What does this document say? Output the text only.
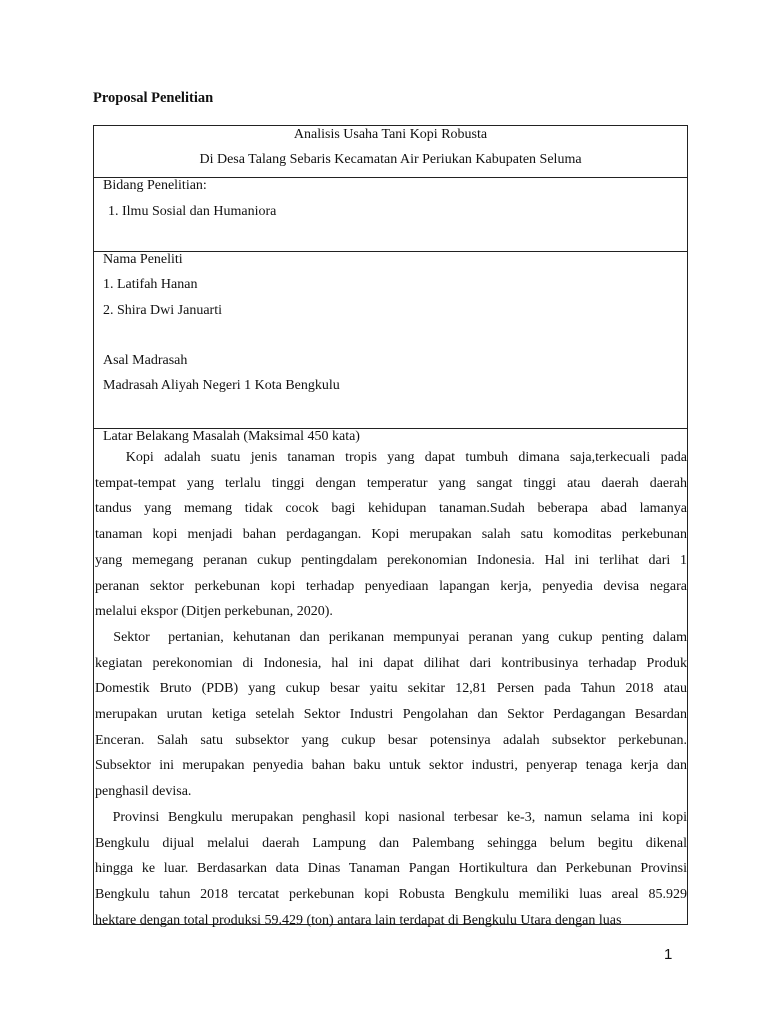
Proposal Penelitian
Analisis Usaha Tani Kopi Robusta
Di Desa Talang Sebaris Kecamatan Air Periukan Kabupaten Seluma
Bidang Penelitian:
1. Ilmu Sosial dan Humaniora
Nama Peneliti
1. Latifah Hanan
2. Shira Dwi Januarti
Asal Madrasah
Madrasah Aliyah Negeri 1 Kota Bengkulu
Latar Belakang Masalah (Maksimal 450 kata)
Kopi adalah suatu jenis tanaman tropis yang dapat tumbuh dimana saja,terkecuali pada
tempat-tempat yang terlalu tinggi dengan temperatur yang sangat tinggi atau daerah daerah
tandus yang memang tidak cocok bagi kehidupan tanaman.Sudah beberapa abad lamanya
tanaman kopi menjadi bahan perdagangan. Kopi merupakan salah satu komoditas perkebunan
yang memegang peranan cukup pentingdalam perekonomian Indonesia. Hal ini terlihat dari 1
peranan sektor perkebunan kopi terhadap penyediaan lapangan kerja, penyedia devisa negara
melalui ekspor (Ditjen perkebunan, 2020).
Sektor  pertanian, kehutanan dan perikanan mempunyai peranan yang cukup penting dalam
kegiatan perekonomian di Indonesia, hal ini dapat dilihat dari kontribusinya terhadap Produk
Domestik Bruto (PDB) yang cukup besar yaitu sekitar 12,81 Persen pada Tahun 2018 atau
merupakan urutan ketiga setelah Sektor Industri Pengolahan dan Sektor Perdagangan Besardan
Enceran. Salah satu subsektor yang cukup besar potensinya adalah subsektor perkebunan.
Subsektor ini merupakan penyedia bahan baku untuk sektor industri, penyerap tenaga kerja dan
penghasil devisa.
Provinsi Bengkulu merupakan penghasil kopi nasional terbesar ke-3, namun selama ini kopi
Bengkulu dijual melalui daerah Lampung dan Palembang sehingga belum begitu dikenal
hingga ke luar. Berdasarkan data Dinas Tanaman Pangan Hortikultura dan Perkebunan Provinsi
Bengkulu tahun 2018 tercatat perkebunan kopi Robusta Bengkulu memiliki luas areal 85.929
hektare dengan total produksi 59.429 (ton) antara lain terdapat di Bengkulu Utara dengan luas
1
